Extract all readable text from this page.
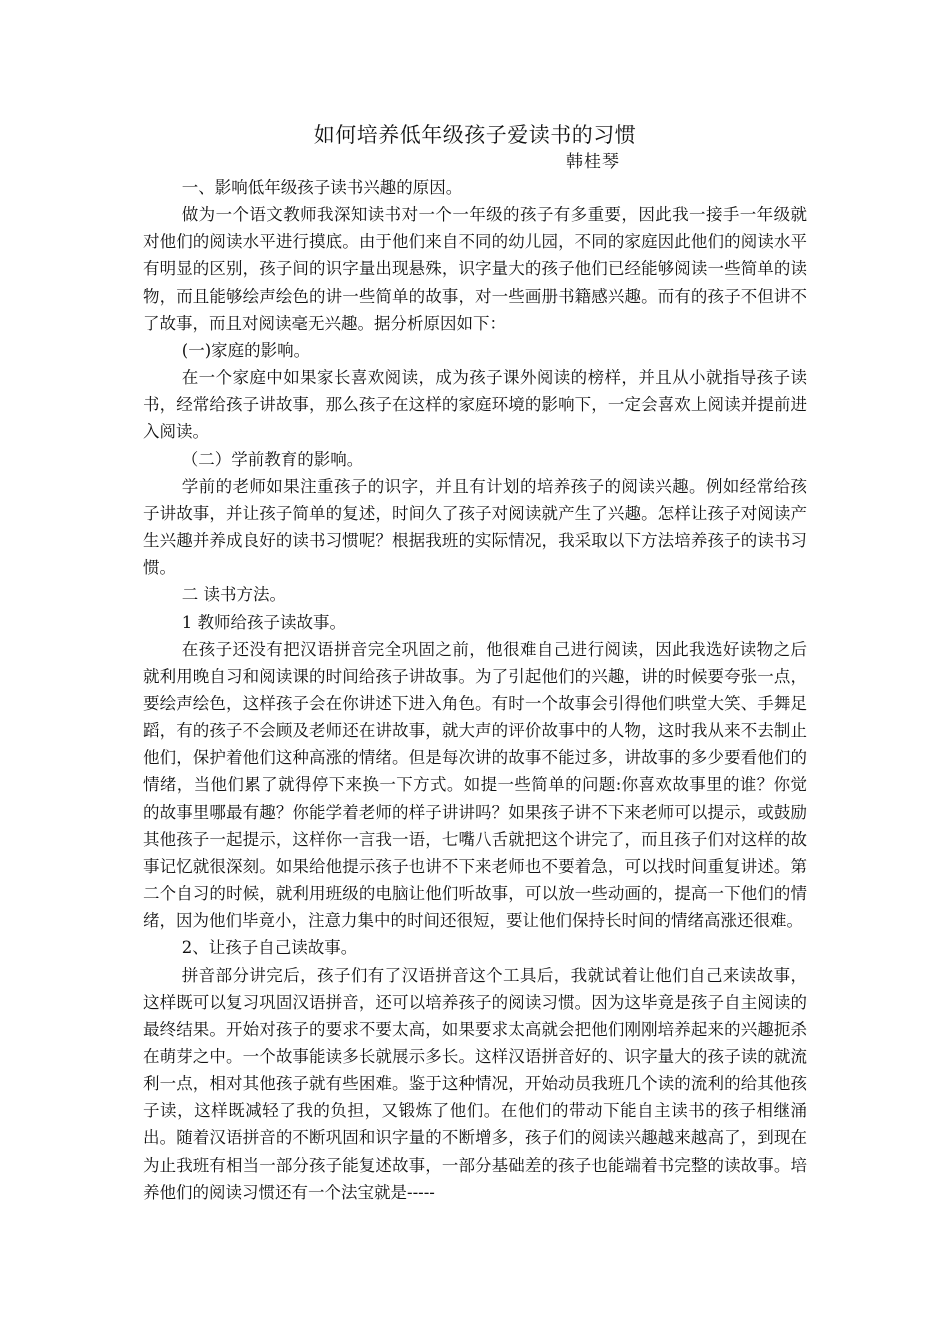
如何培养低年级孩子爱读书的习惯
韩桂琴

一、影响低年级孩子读书兴趣的原因。

做为一个语文教师我深知读书对一个一年级的孩子有多重要，因此我一接手一年级就对他们的阅读水平进行摸底。由于他们来自不同的幼儿园，不同的家庭因此他们的阅读水平有明显的区别，孩子间的识字量出现悬殊，识字量大的孩子他们已经能够阅读一些简单的读物，而且能够绘声绘色的讲一些简单的故事，对一些画册书籍感兴趣。而有的孩子不但讲不了故事，而且对阅读毫无兴趣。据分析原因如下：

(一)家庭的影响。

在一个家庭中如果家长喜欢阅读，成为孩子课外阅读的榜样，并且从小就指导孩子读书，经常给孩子讲故事，那么孩子在这样的家庭环境的影响下，一定会喜欢上阅读并提前进入阅读。

（二）学前教育的影响。

学前的老师如果注重孩子的识字，并且有计划的培养孩子的阅读兴趣。例如经常给孩子讲故事，并让孩子简单的复述，时间久了孩子对阅读就产生了兴趣。怎样让孩子对阅读产生兴趣并养成良好的读书习惯呢？根据我班的实际情况，我采取以下方法培养孩子的读书习惯。

二 读书方法。

1 教师给孩子读故事。

在孩子还没有把汉语拼音完全巩固之前，他很难自己进行阅读，因此我选好读物之后就利用晚自习和阅读课的时间给孩子讲故事。为了引起他们的兴趣，讲的时候要夸张一点，要绘声绘色，这样孩子会在你讲述下进入角色。有时一个故事会引得他们哄堂大笑、手舞足蹈，有的孩子不会顾及老师还在讲故事，就大声的评价故事中的人物，这时我从来不去制止他们，保护着他们这种高涨的情绪。但是每次讲的故事不能过多，讲故事的多少要看他们的情绪，当他们累了就得停下来换一下方式。如提一些简单的问题:你喜欢故事里的谁？你觉的故事里哪最有趣？你能学着老师的样子讲讲吗？如果孩子讲不下来老师可以提示，或鼓励其他孩子一起提示，这样你一言我一语，七嘴八舌就把这个讲完了，而且孩子们对这样的故事记忆就很深刻。如果给他提示孩子也讲不下来老师也不要着急，可以找时间重复讲述。第二个自习的时候，就利用班级的电脑让他们听故事，可以放一些动画的，提高一下他们的情绪，因为他们毕竟小，注意力集中的时间还很短，要让他们保持长时间的情绪高涨还很难。

2、让孩子自己读故事。

拼音部分讲完后，孩子们有了汉语拼音这个工具后，我就试着让他们自己来读故事，这样既可以复习巩固汉语拼音，还可以培养孩子的阅读习惯。因为这毕竟是孩子自主阅读的最终结果。开始对孩子的要求不要太高，如果要求太高就会把他们刚刚培养起来的兴趣扼杀在萌芽之中。一个故事能读多长就展示多长。这样汉语拼音好的、识字量大的孩子读的就流利一点，相对其他孩子就有些困难。鉴于这种情况，开始动员我班几个读的流利的给其他孩子读，这样既减轻了我的负担，又锻炼了他们。在他们的带动下能自主读书的孩子相继涌出。随着汉语拼音的不断巩固和识字量的不断增多，孩子们的阅读兴趣越来越高了，到现在为止我班有相当一部分孩子能复述故事，一部分基础差的孩子也能端着书完整的读故事。培养他们的阅读习惯还有一个法宝就是-----
